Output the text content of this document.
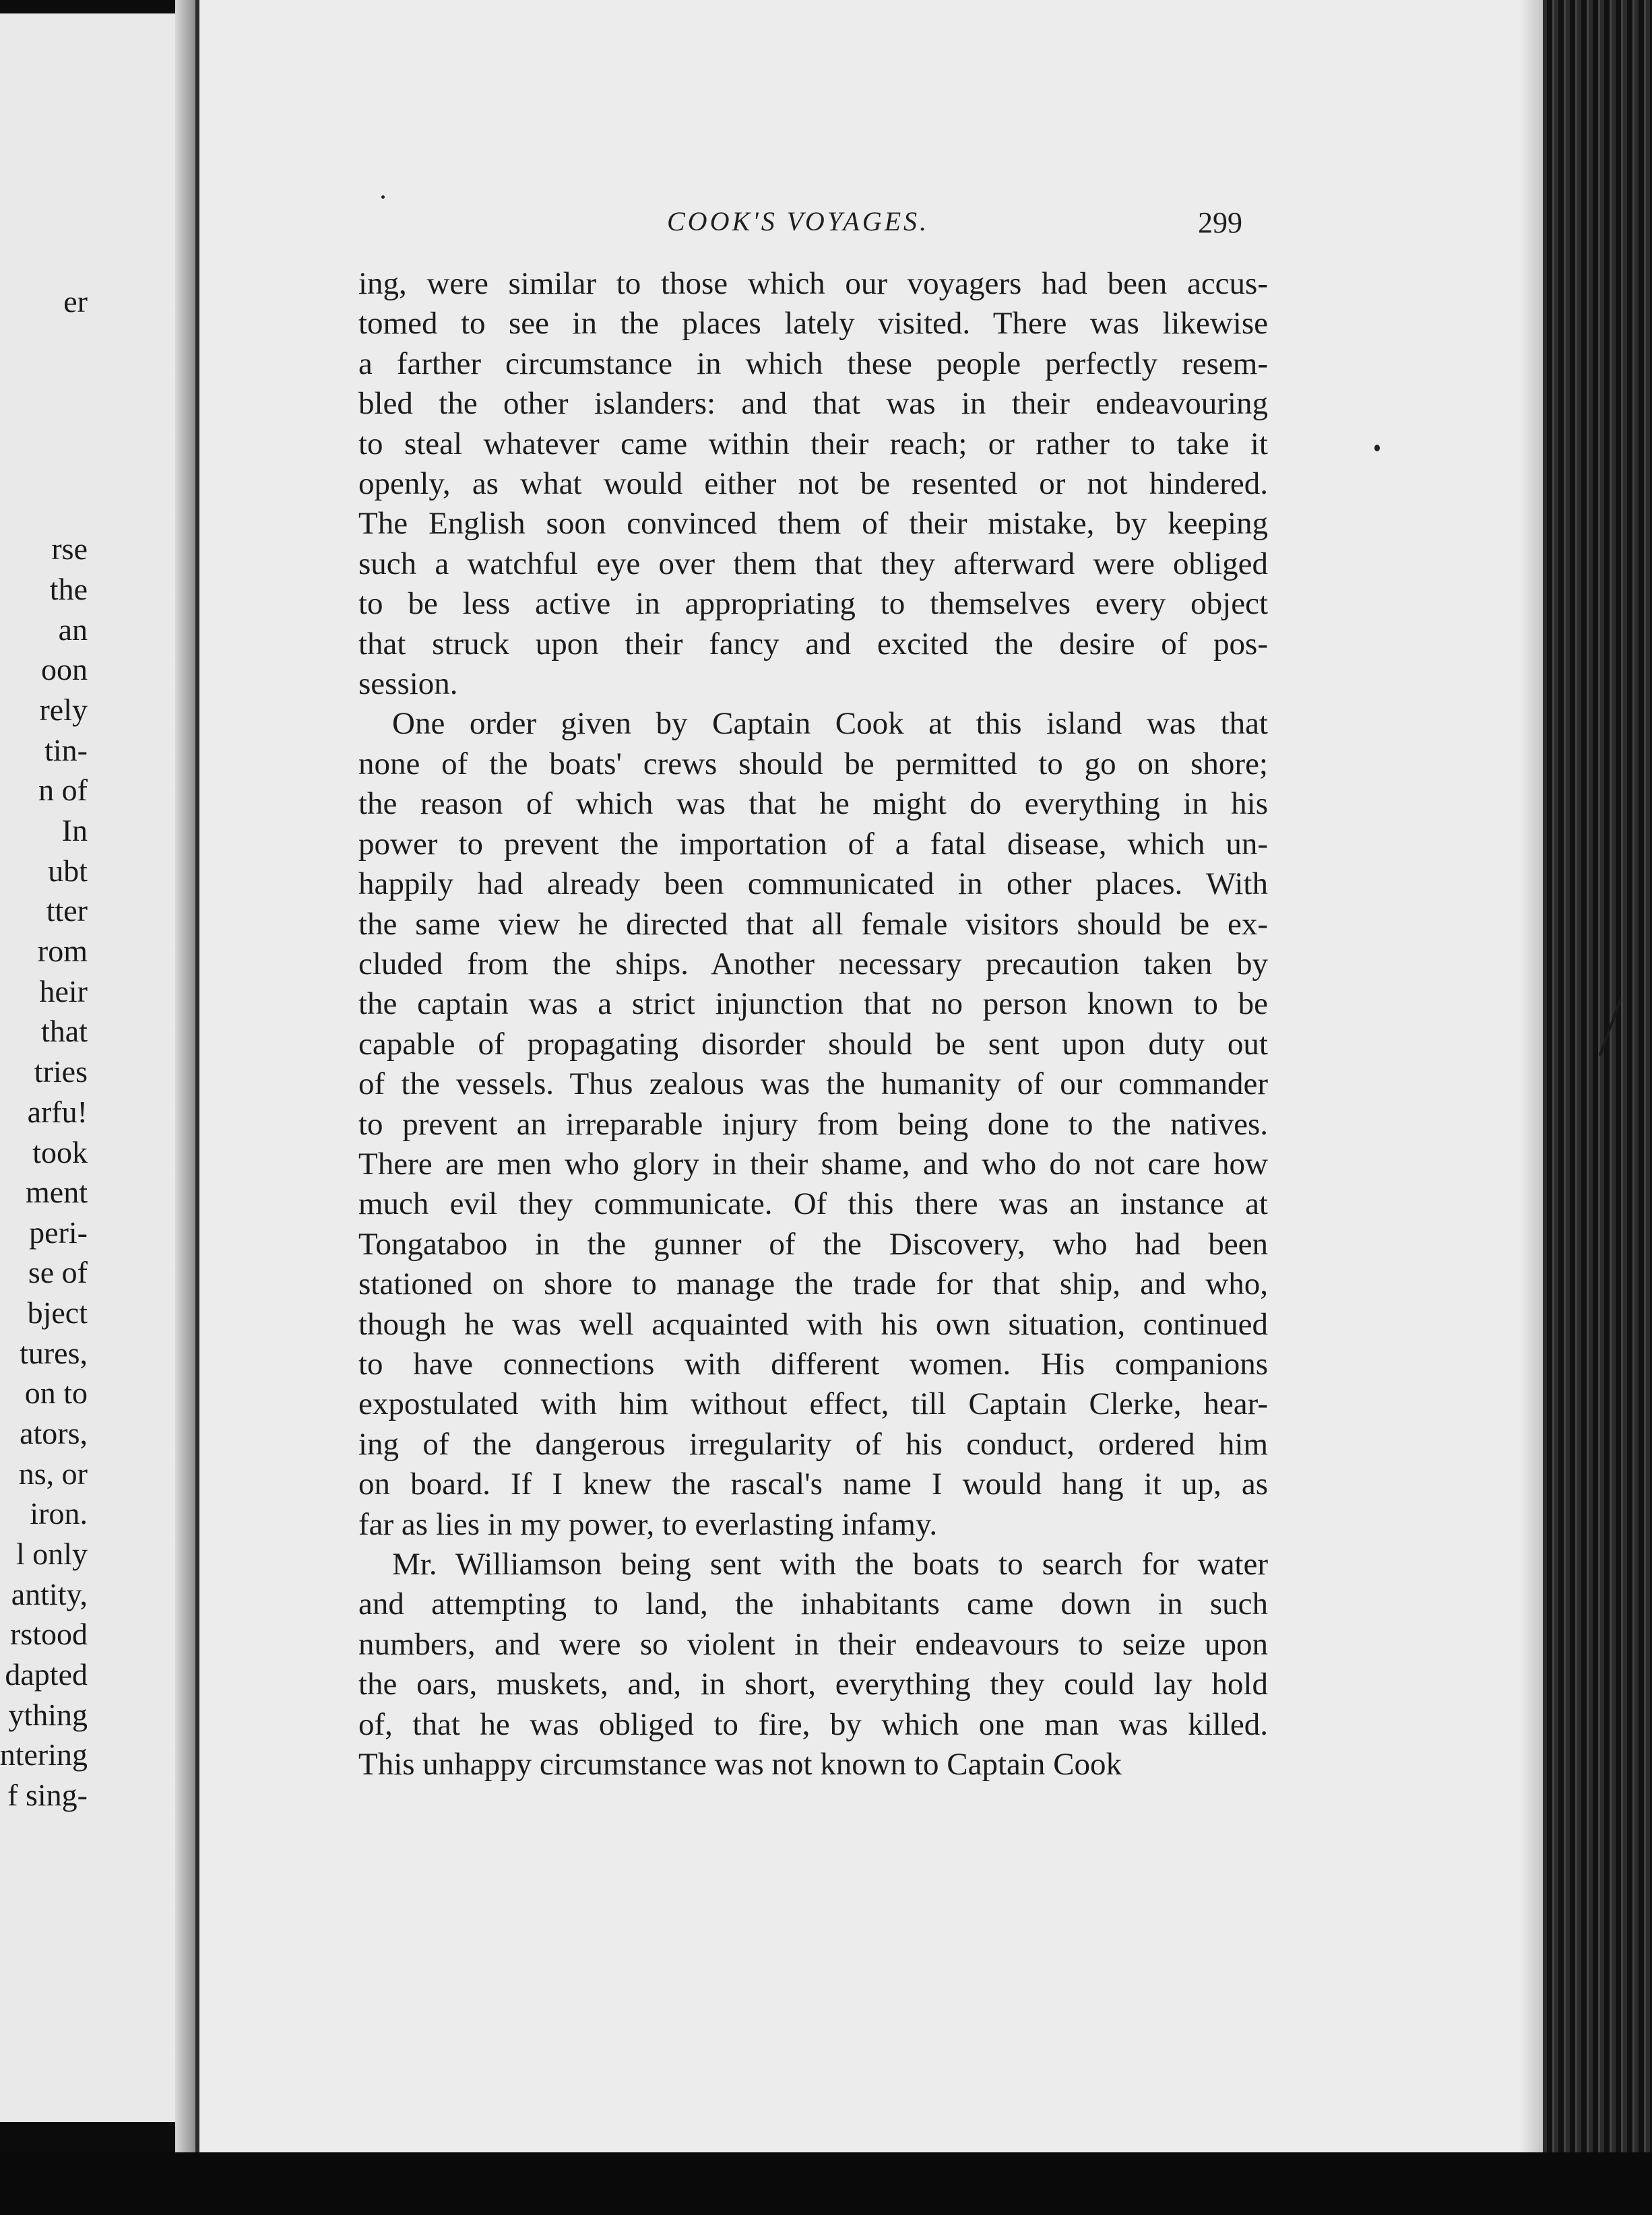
er
rse
the
an
oon
rely
tin-
n of
In
ubt
tter
rom
heir
that
tries
arfu!
took
ment
peri-
se of
bject
tures,
on to
ators,
ns, or
iron.
l only
antity,
rstood
dapted
ything
ntering
f sing-
COOK'S VOYAGES.	299
ing, were similar to those which our voyagers had been accus-
tomed to see in the places lately visited. There was likewise
a farther circumstance in which these people perfectly resem-
bled the other islanders: and that was in their endeavouring
to steal whatever came within their reach; or rather to take it
openly, as what would either not be resented or not hindered.
The English soon convinced them of their mistake, by keeping
such a watchful eye over them that they afterward were obliged
to be less active in appropriating to themselves every object
that struck upon their fancy and excited the desire of pos-
session.
One order given by Captain Cook at this island was that
none of the boats' crews should be permitted to go on shore;
the reason of which was that he might do everything in his
power to prevent the importation of a fatal disease, which un-
happily had already been communicated in other places. With
the same view he directed that all female visitors should be ex-
cluded from the ships. Another necessary precaution taken by
the captain was a strict injunction that no person known to be
capable of propagating disorder should be sent upon duty out
of the vessels. Thus zealous was the humanity of our commander
to prevent an irreparable injury from being done to the natives.
There are men who glory in their shame, and who do not care how
much evil they communicate. Of this there was an instance at
Tongataboo in the gunner of the Discovery, who had been
stationed on shore to manage the trade for that ship, and who,
though he was well acquainted with his own situation, continued
to have connections with different women. His companions
expostulated with him without effect, till Captain Clerke, hear-
ing of the dangerous irregularity of his conduct, ordered him
on board. If I knew the rascal's name I would hang it up, as
far as lies in my power, to everlasting infamy.
Mr. Williamson being sent with the boats to search for water
and attempting to land, the inhabitants came down in such
numbers, and were so violent in their endeavours to seize upon
the oars, muskets, and, in short, everything they could lay hold
of, that he was obliged to fire, by which one man was killed.
This unhappy circumstance was not known to Captain Cook
